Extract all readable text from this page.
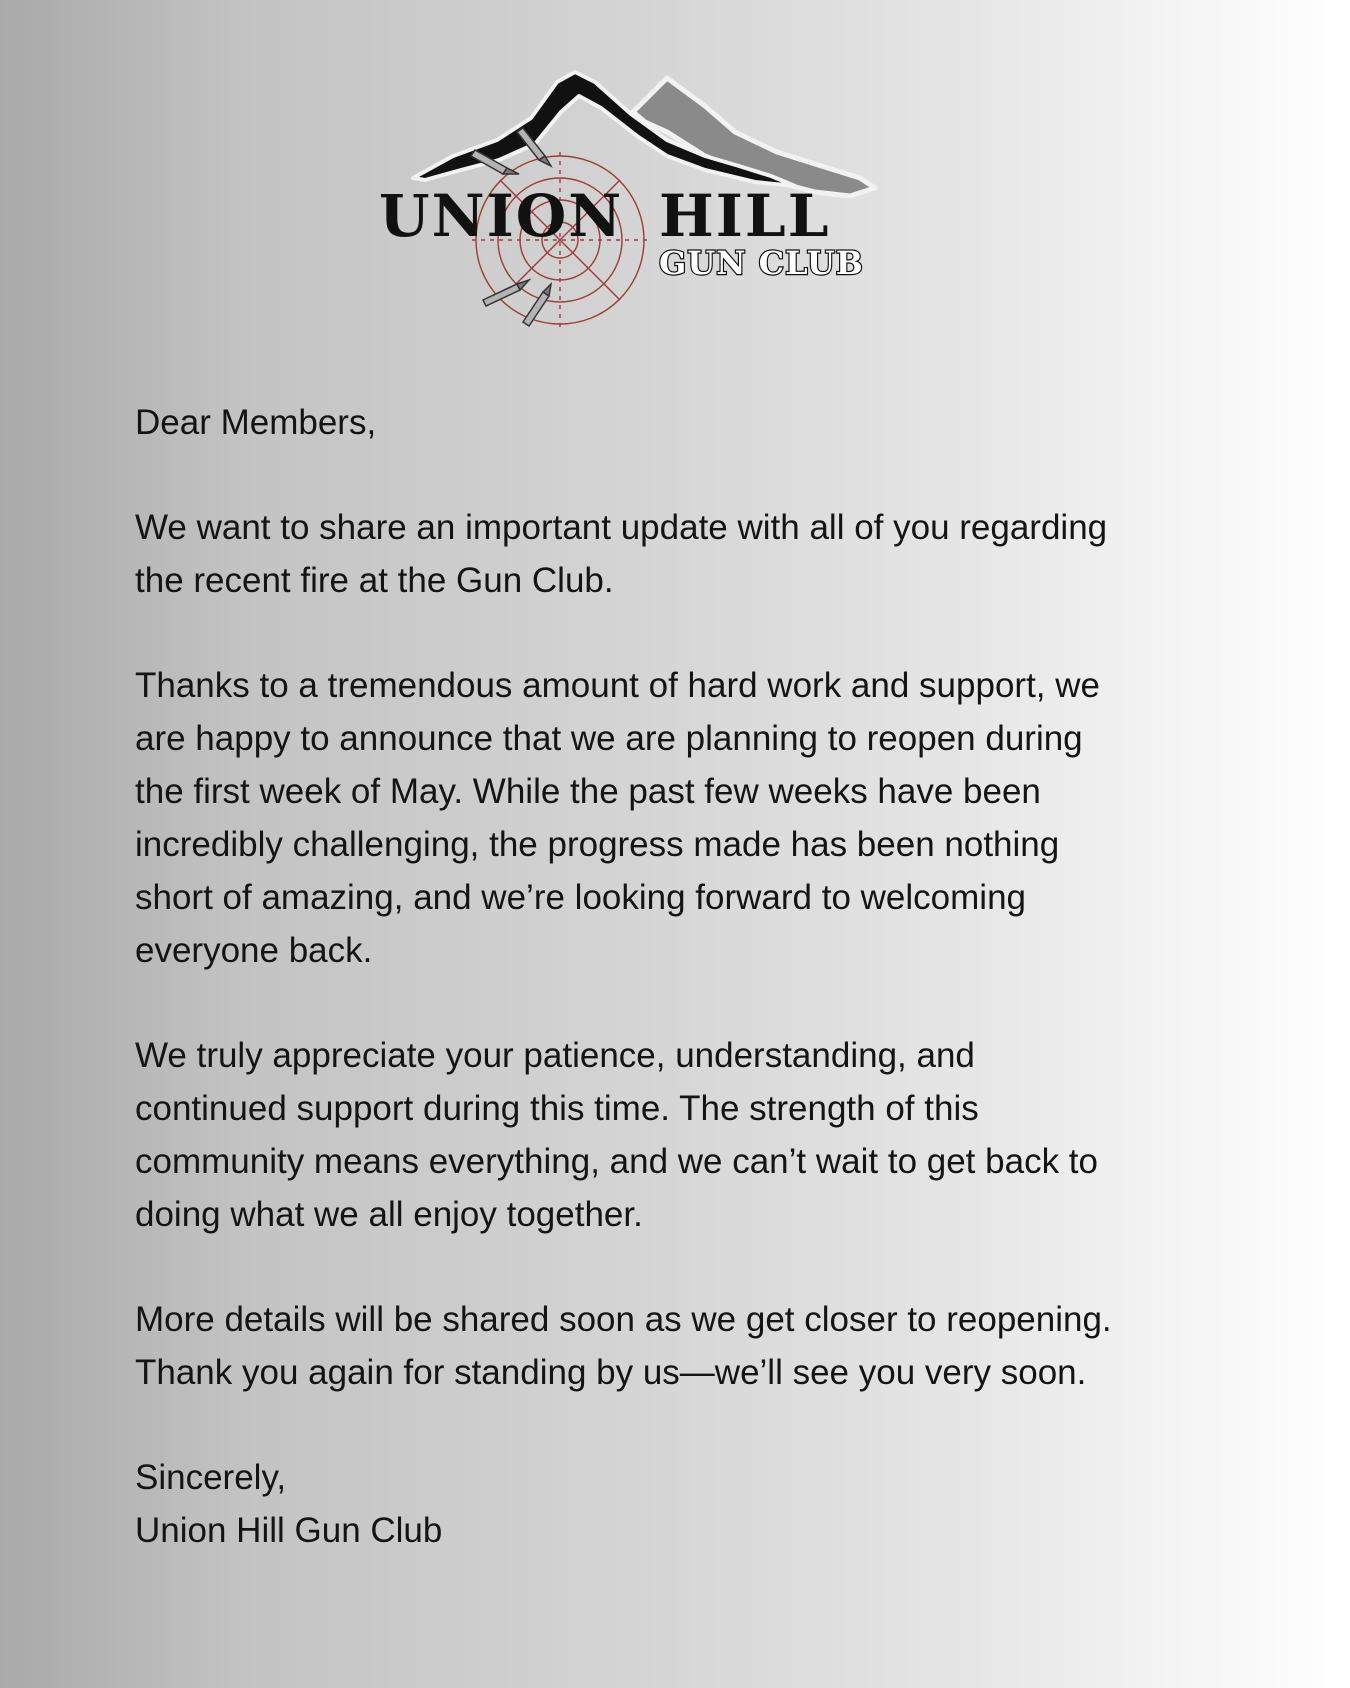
UNION HILL
GUN CLUB

Dear Members,

We want to share an important update with all of you regarding
the recent fire at the Gun Club.

Thanks to a tremendous amount of hard work and support, we
are happy to announce that we are planning to reopen during
the first week of May. While the past few weeks have been
incredibly challenging, the progress made has been nothing
short of amazing, and we’re looking forward to welcoming
everyone back.

We truly appreciate your patience, understanding, and
continued support during this time. The strength of this
community means everything, and we can’t wait to get back to
doing what we all enjoy together.

More details will be shared soon as we get closer to reopening.
Thank you again for standing by us—we’ll see you very soon.

Sincerely,
Union Hill Gun Club
